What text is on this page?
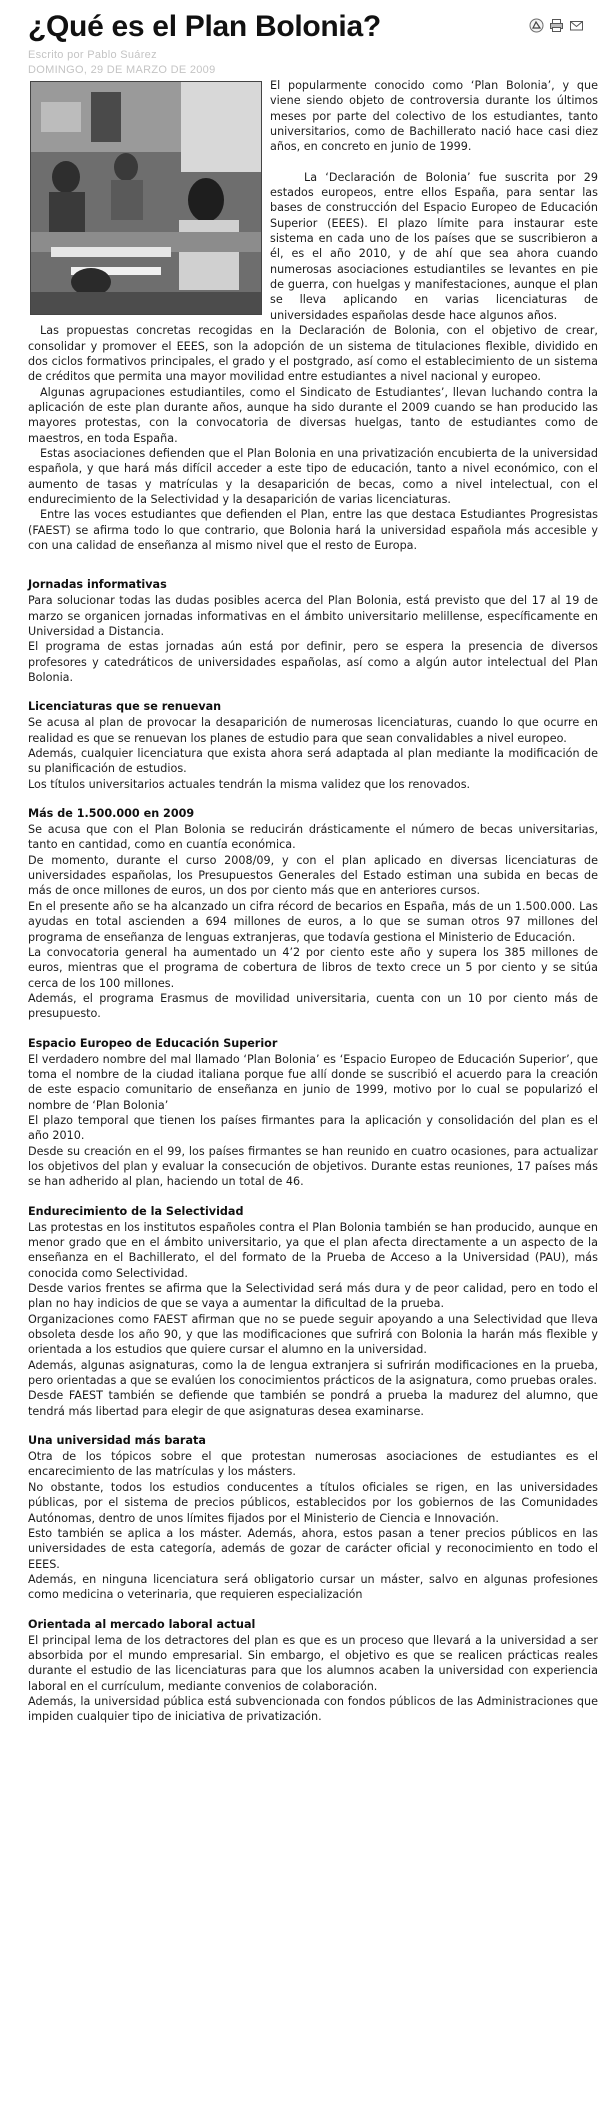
¿Qué es el Plan Bolonia?
Escrito por Pablo Suárez
DOMINGO, 29 DE MARZO DE 2009

El popularmente conocido como ‘Plan Bolonia’, y que viene siendo objeto de controversia durante los últimos meses por parte del colectivo de los estudiantes, tanto universitarios, como de Bachillerato nació hace casi diez años, en concreto en junio de 1999.

La ‘Declaración de Bolonia’ fue suscrita por 29 estados europeos, entre ellos España, para sentar las bases de construcción del Espacio Europeo de Educación Superior (EEES). El plazo límite para instaurar este sistema en cada uno de los países que se suscribieron a él, es el año 2010, y de ahí que sea ahora cuando numerosas asociaciones estudiantiles se levantes en pie de guerra, con huelgas y manifestaciones, aunque el plan se lleva aplicando en varias licenciaturas de universidades españolas desde hace algunos años.

Las propuestas concretas recogidas en la Declaración de Bolonia, con el objetivo de crear, consolidar y promover el EEES, son la adopción de un sistema de titulaciones flexible, dividido en dos ciclos formativos principales, el grado y el postgrado, así como el establecimiento de un sistema de créditos que permita una mayor movilidad entre estudiantes a nivel nacional y europeo.

Algunas agrupaciones estudiantiles, como el Sindicato de Estudiantes’, llevan luchando contra la aplicación de este plan durante años, aunque ha sido durante el 2009 cuando se han producido las mayores protestas, con la convocatoria de diversas huelgas, tanto de estudiantes como de maestros, en toda España.

Estas asociaciones defienden que el Plan Bolonia en una privatización encubierta de la universidad española, y que hará más difícil acceder a este tipo de educación, tanto a nivel económico, con el aumento de tasas y matrículas y la desaparición de becas, como a nivel intelectual, con el endurecimiento de la Selectividad y la desaparición de varias licenciaturas.

Entre las voces estudiantes que defienden el Plan, entre las que destaca Estudiantes Progresistas (FAEST) se afirma todo lo que contrario, que Bolonia hará la universidad española más accesible y con una calidad de enseñanza al mismo nivel que el resto de Europa.

Jornadas informativas

Para solucionar todas las dudas posibles acerca del Plan Bolonia, está previsto que del 17 al 19 de marzo se organicen jornadas informativas en el ámbito universitario melillense, específicamente en Universidad a Distancia.

El programa de estas jornadas aún está por definir, pero se espera la presencia de diversos profesores y catedráticos de universidades españolas, así como a algún autor intelectual del Plan Bolonia.

Licenciaturas que se renuevan

Se acusa al plan de provocar la desaparición de numerosas licenciaturas, cuando lo que ocurre en realidad es que se renuevan los planes de estudio para que sean convalidables a nivel europeo.

Además, cualquier licenciatura que exista ahora será adaptada al plan mediante la modificación de su planificación de estudios.

Los títulos universitarios actuales tendrán la misma validez que los renovados.

Más de 1.500.000 en 2009

Se acusa que con el Plan Bolonia se reducirán drásticamente el número de becas universitarias, tanto en cantidad, como en cuantía económica.

De momento, durante el curso 2008/09, y con el plan aplicado en diversas licenciaturas de universidades españolas, los Presupuestos Generales del Estado estiman una subida en becas de más de once millones de euros, un dos por ciento más que en anteriores cursos.

En el presente año se ha alcanzado un cifra récord de becarios en España, más de un 1.500.000. Las ayudas en total ascienden a 694 millones de euros, a lo que se suman otros 97 millones del programa de enseñanza de lenguas extranjeras, que todavía gestiona el Ministerio de Educación.

La convocatoria general ha aumentado un 4’2 por ciento este año y supera los 385 millones de euros, mientras que el programa de cobertura de libros de texto crece un 5 por ciento y se sitúa cerca de los 100 millones.

Además, el programa Erasmus de movilidad universitaria, cuenta con un 10 por ciento más de presupuesto.

Espacio Europeo de Educación Superior

El verdadero nombre del mal llamado ‘Plan Bolonia’ es ‘Espacio Europeo de Educación Superior’, que toma el nombre de la ciudad italiana porque fue allí donde se suscribió el acuerdo para la creación de este espacio comunitario de enseñanza en junio de 1999, motivo por lo cual se popularizó el nombre de ‘Plan Bolonia’

El plazo temporal que tienen los países firmantes para la aplicación y consolidación del plan es el año 2010.

Desde su creación en el 99, los países firmantes se han reunido en cuatro ocasiones, para actualizar los objetivos del plan y evaluar la consecución de objetivos. Durante estas reuniones, 17 países más se han adherido al plan, haciendo un total de 46.

Endurecimiento de la Selectividad

Las protestas en los institutos españoles contra el Plan Bolonia también se han producido, aunque en menor grado que en el ámbito universitario, ya que el plan afecta directamente a un aspecto de la enseñanza en el Bachillerato, el del formato de la Prueba de Acceso a la Universidad (PAU), más conocida como Selectividad.

Desde varios frentes se afirma que la Selectividad será más dura y de peor calidad, pero en todo el plan no hay indicios de que se vaya a aumentar la dificultad de la prueba.

Organizaciones como FAEST afirman que no se puede seguir apoyando a una Selectividad que lleva obsoleta desde los año 90, y que las modificaciones que sufrirá con Bolonia la harán más flexible y orientada a los estudios que quiere cursar el alumno en la universidad.

Además, algunas asignaturas, como la de lengua extranjera si sufrirán modificaciones en la prueba, pero orientadas a que se evalúen los conocimientos prácticos de la asignatura, como pruebas orales.

Desde FAEST también se defiende que también se pondrá a prueba la madurez del alumno, que tendrá más libertad para elegir de que asignaturas desea examinarse.

Una universidad más barata

Otra de los tópicos sobre el que protestan numerosas asociaciones de estudiantes es el encarecimiento de las matrículas y los másters.

No obstante, todos los estudios conducentes a títulos oficiales se rigen, en las universidades públicas, por el sistema de precios públicos, establecidos por los gobiernos de las Comunidades Autónomas, dentro de unos límites fijados por el Ministerio de Ciencia e Innovación.

Esto también se aplica a los máster. Además, ahora, estos pasan a tener precios públicos en las universidades de esta categoría, además de gozar de carácter oficial y reconocimiento en todo el EEES.

Además, en ninguna licenciatura será obligatorio cursar un máster, salvo en algunas profesiones como medicina o veterinaria, que requieren especialización

Orientada al mercado laboral actual

El principal lema de los detractores del plan es que es un proceso que llevará a la universidad a ser absorbida por el mundo empresarial. Sin embargo, el objetivo es que se realicen prácticas reales durante el estudio de las licenciaturas para que los alumnos acaben la universidad con experiencia laboral en el currículum, mediante convenios de colaboración.

Además, la universidad pública está subvencionada con fondos públicos de las Administraciones que impiden cualquier tipo de iniciativa de privatización.
